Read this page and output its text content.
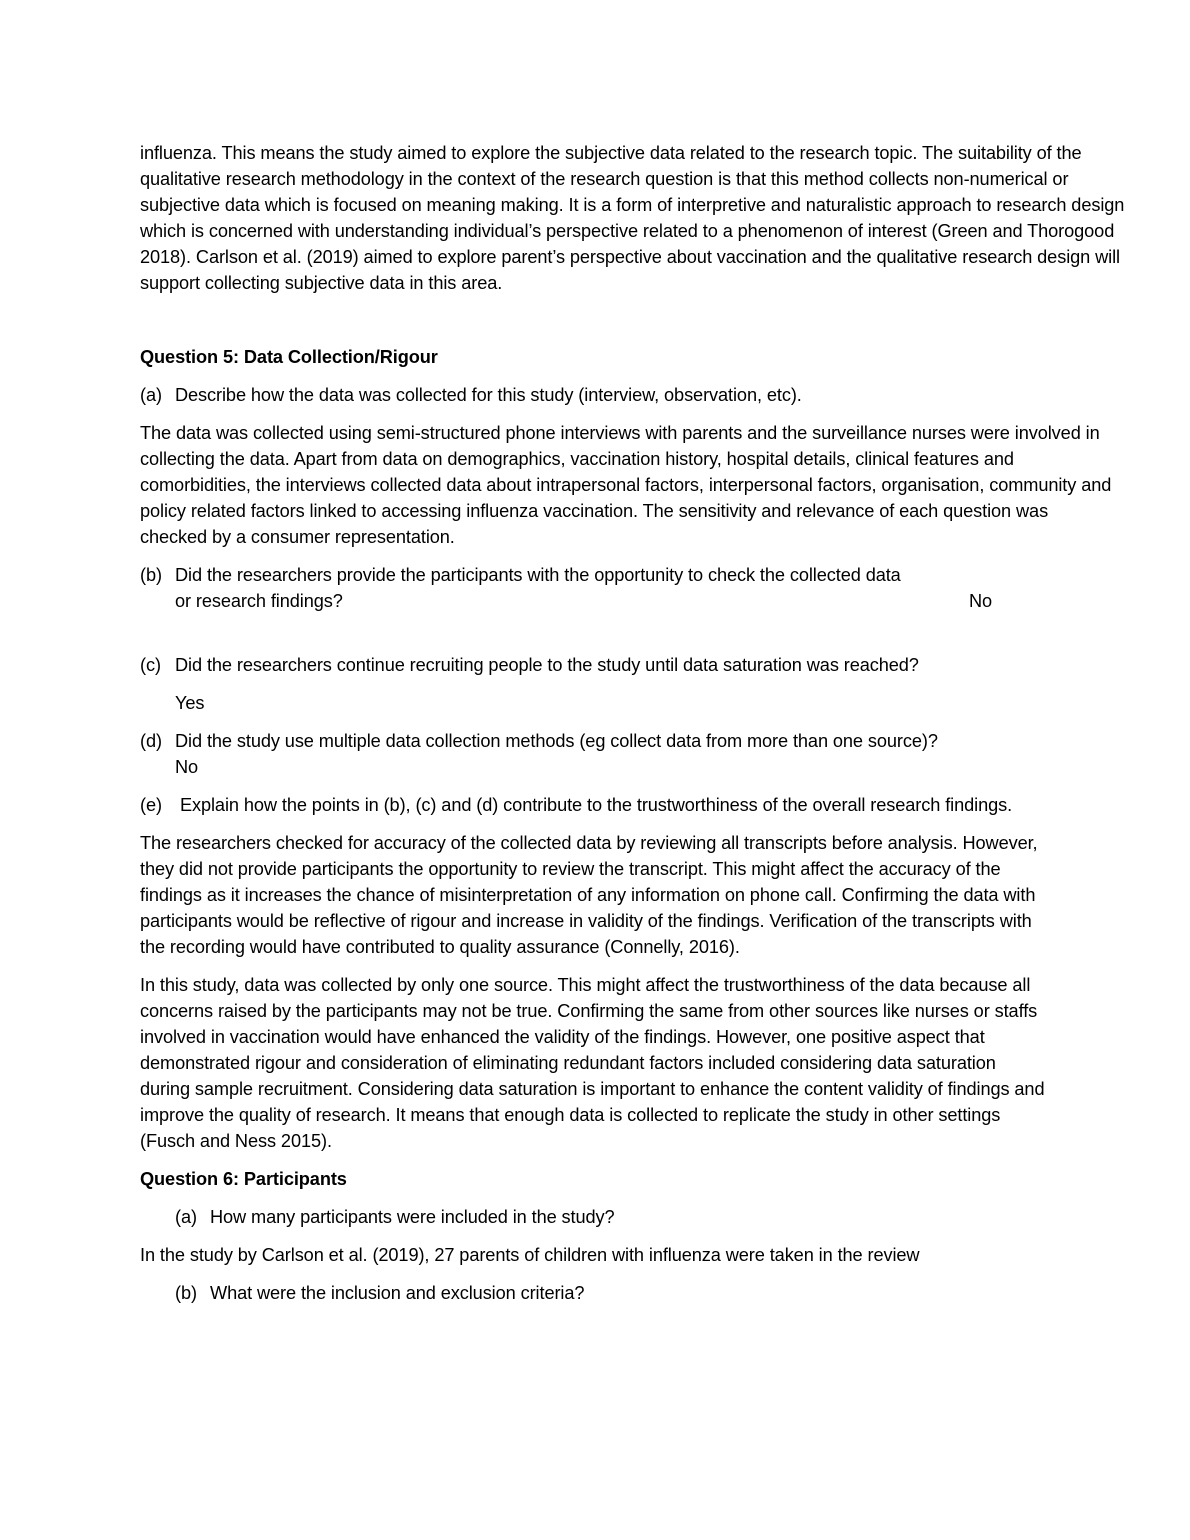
influenza. This means the study aimed to explore the subjective data related to the research topic. The suitability of the qualitative research methodology in the context of the research question is that this method collects non-numerical or subjective data which is focused on meaning making. It is a form of interpretive and naturalistic approach to research design which is concerned with understanding individual’s perspective related to a phenomenon of interest (Green and Thorogood 2018). Carlson et al. (2019) aimed to explore parent’s perspective about vaccination and the qualitative research design will support collecting subjective data in this area.

Question 5: Data Collection/Rigour

(a) Describe how the data was collected for this study (interview, observation, etc).

The data was collected using semi-structured phone interviews with parents and the surveillance nurses were involved in collecting the data. Apart from data on demographics, vaccination history, hospital details, clinical features and comorbidities, the interviews collected data about intrapersonal factors, interpersonal factors, organisation, community and policy related factors linked to accessing influenza vaccination. The sensitivity and relevance of each question was checked by a consumer representation.

(b) Did the researchers provide the participants with the opportunity to check the collected data
or research findings?	No
(c) Did the researchers continue recruiting people to the study until data saturation was reached?

Yes

(d) Did the study use multiple data collection methods (eg collect data from more than one source)?
No
(e) Explain how the points in (b), (c) and (d) contribute to the trustworthiness of the overall research findings.

The researchers checked for accuracy of the collected data by reviewing all transcripts before analysis. However, they did not provide participants the opportunity to review the transcript. This might affect the accuracy of the findings as it increases the chance of misinterpretation of any information on phone call. Confirming the data with participants would be reflective of rigour and increase in validity of the findings. Verification of the transcripts with the recording would have contributed to quality assurance (Connelly, 2016).

In this study, data was collected by only one source. This might affect the trustworthiness of the data because all concerns raised by the participants may not be true. Confirming the same from other sources like nurses or staffs involved in vaccination would have enhanced the validity of the findings. However, one positive aspect that demonstrated rigour and consideration of eliminating redundant factors included considering data saturation during sample recruitment. Considering data saturation is important to enhance the content validity of findings and improve the quality of research. It means that enough data is collected to replicate the study in other settings (Fusch and Ness 2015).

Question 6: Participants

(a) How many participants were included in the study?

In the study by Carlson et al. (2019), 27 parents of children with influenza were taken in the review

(b) What were the inclusion and exclusion criteria?
